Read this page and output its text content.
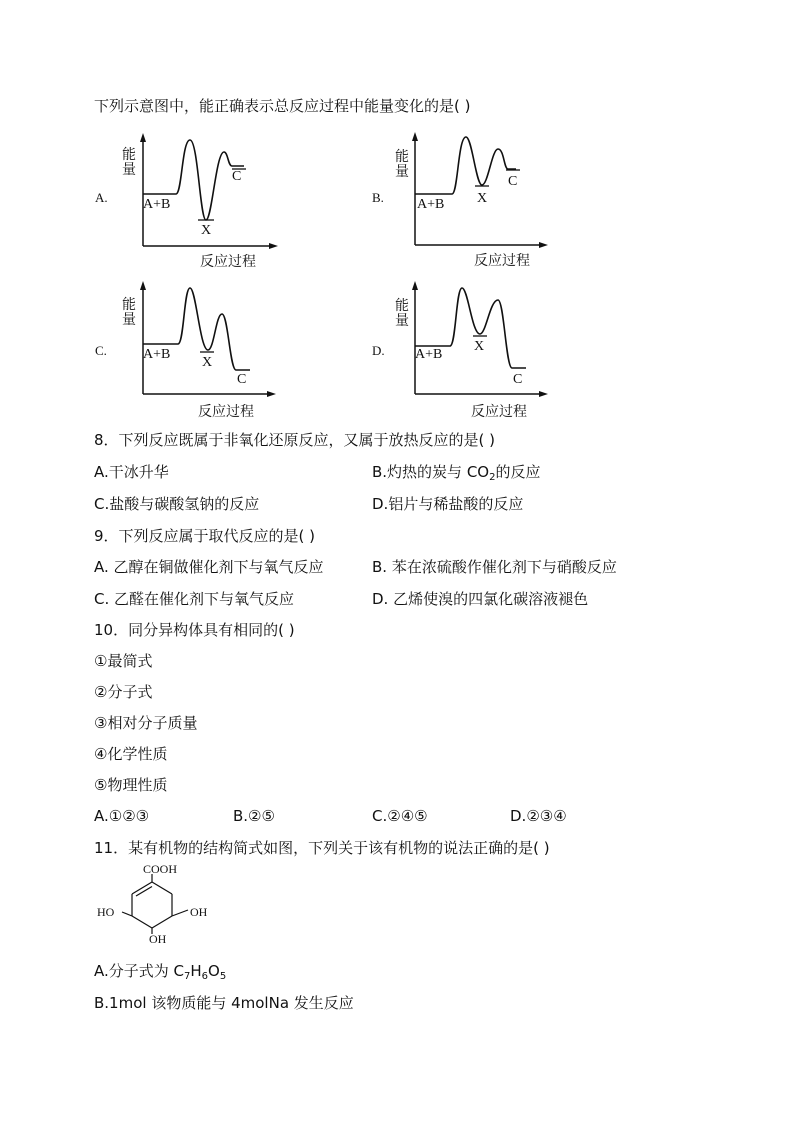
下列示意图中，能正确表示总反应过程中能量变化的是( )
A.
能量
A+B
X
C
反应过程
B.
能量
A+B X
C
反应过程
C.
能量
A+B
X
C
反应过程
D.
能量
A+B
X
C
反应过程
8．下列反应既属于非氧化还原反应，又属于放热反应的是( )
A.干冰升华	B.灼热的炭与 $CO_2$的反应
C.盐酸与碳酸氢钠的反应	D.铝片与稀盐酸的反应
9．下列反应属于取代反应的是( )
A. 乙醇在铜做催化剂下与氧气反应	B. 苯在浓硫酸作催化剂下与硝酸反应
C. 乙醛在催化剂下与氧气反应	D. 乙烯使溴的四氯化碳溶液褪色
10．同分异构体具有相同的( )
①最简式
②分子式
③相对分子质量
④化学性质
⑤物理性质
A.①②③	B.②⑤	C.②④⑤	D.②③④
11．某有机物的结构简式如图，下列关于该有机物的说法正确的是( )
COOH
HO	OH
OH
A.分子式为 $C_7H_6O_5$
B.1mol 该物质能与 4molNa 发生反应
